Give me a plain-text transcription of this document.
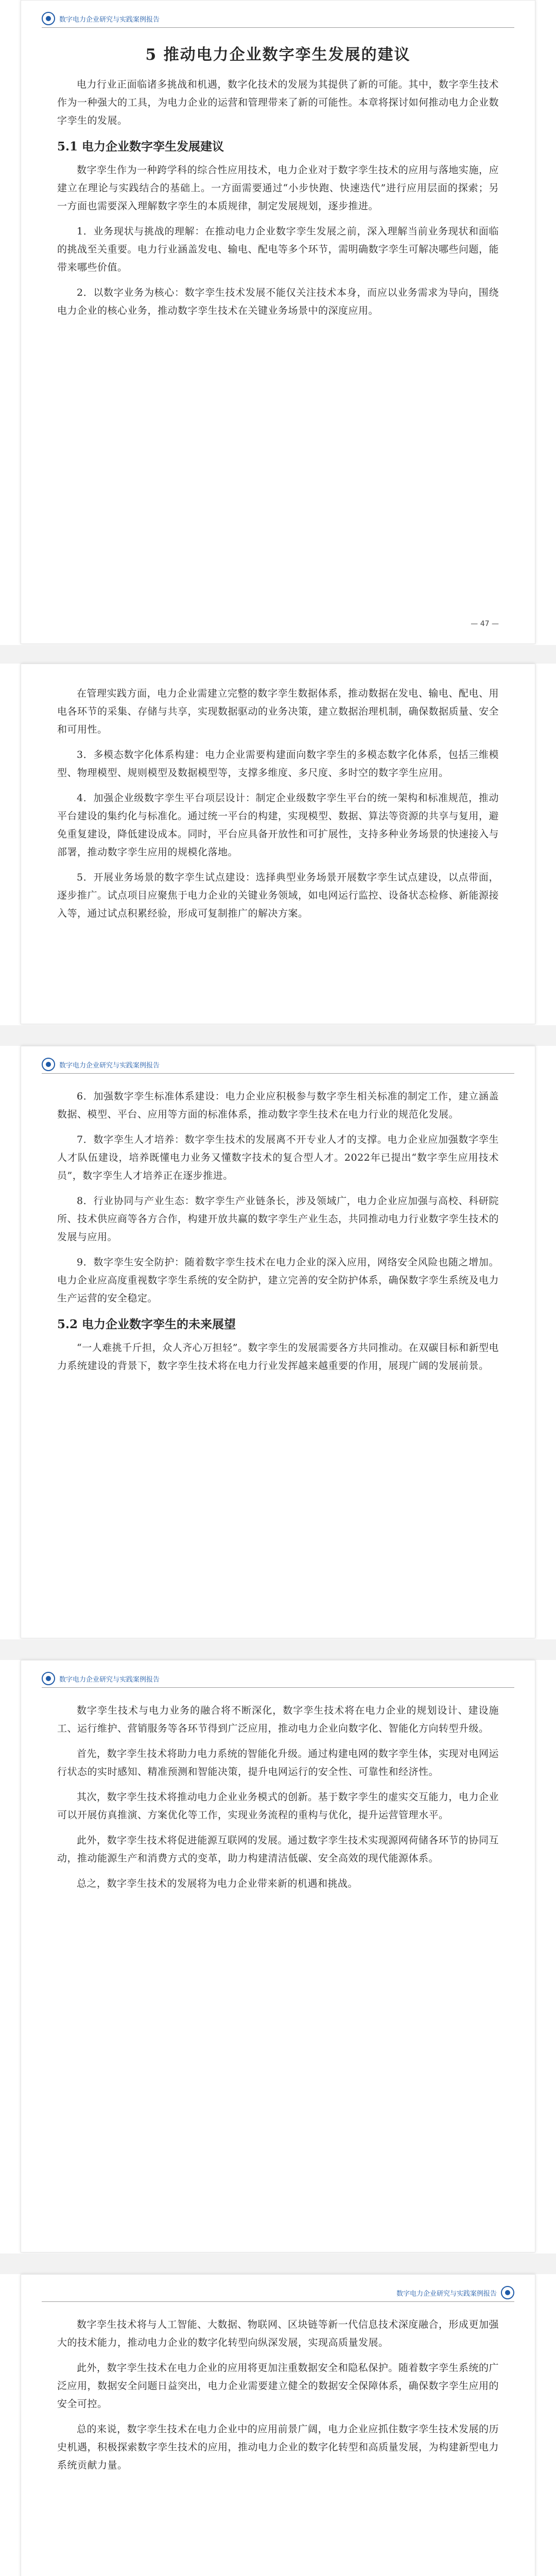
数字电力企业研究与实践案例报告
5 推动电力企业数字孪生发展的建议

电力行业正面临诸多挑战和机遇，数字化技术的发展为其提供了新的可能。其中，数字孪生技术作为一种强大的工具，为电力企业的运营和管理带来了新的可能性。本章将探讨如何推动电力企业数字孪生的发展。

5.1 电力企业数字孪生发展建议

数字孪生作为一种跨学科的综合性应用技术，电力企业对于数字孪生技术的应用与落地实施，应建立在理论与实践结合的基础上。一方面需要通过“小步快跑、快速迭代”进行应用层面的探索；另一方面也需要深入理解数字孪生的本质规律，制定发展规划，逐步推进。

1．业务现状与挑战的理解：在推动电力企业数字孪生发展之前，深入理解当前业务现状和面临的挑战至关重要。电力行业涵盖发电、输电、配电等多个环节，需明确数字孪生可解决哪些问题，能带来哪些价值。

2．以数字业务为核心：数字孪生技术发展不能仅关注技术本身，而应以业务需求为导向，围绕电力企业的核心业务，推动数字孪生技术在关键业务场景中的深度应用。

— 47 —

在管理实践方面，电力企业需建立完整的数字孪生数据体系，推动数据在发电、输电、配电、用电各环节的采集、存储与共享，实现数据驱动的业务决策，建立数据治理机制，确保数据质量、安全和可用性。

3．多模态数字化体系构建：电力企业需要构建面向数字孪生的多模态数字化体系，包括三维模型、物理模型、规则模型及数据模型等，支撑多维度、多尺度、多时空的数字孪生应用。

4．加强企业级数字孪生平台项层设计：制定企业级数字孪生平台的统一架构和标准规范，推动平台建设的集约化与标准化。通过统一平台的构建，实现模型、数据、算法等资源的共享与复用，避免重复建设，降低建设成本。同时，平台应具备开放性和可扩展性，支持多种业务场景的快速接入与部署，推动数字孪生应用的规模化落地。

5．开展业务场景的数字孪生试点建设：选择典型业务场景开展数字孪生试点建设，以点带面，逐步推广。试点项目应聚焦于电力企业的关键业务领域，如电网运行监控、设备状态检修、新能源接入等，通过试点积累经验，形成可复制推广的解决方案。

数字电力企业研究与实践案例报告

6．加强数字孪生标准体系建设：电力企业应积极参与数字孪生相关标准的制定工作，建立涵盖数据、模型、平台、应用等方面的标准体系，推动数字孪生技术在电力行业的规范化发展。

7．数字孪生人才培养：数字孪生技术的发展离不开专业人才的支撑。电力企业应加强数字孪生人才队伍建设，培养既懂电力业务又懂数字技术的复合型人才。2022年已提出“数字孪生应用技术员”，数字孪生人才培养正在逐步推进。

8．行业协同与产业生态：数字孪生产业链条长，涉及领域广，电力企业应加强与高校、科研院所、技术供应商等各方合作，构建开放共赢的数字孪生产业生态，共同推动电力行业数字孪生技术的发展与应用。

9．数字孪生安全防护：随着数字孪生技术在电力企业的深入应用，网络安全风险也随之增加。电力企业应高度重视数字孪生系统的安全防护，建立完善的安全防护体系，确保数字孪生系统及电力生产运营的安全稳定。

5.2 电力企业数字孪生的未来展望

“一人难挑千斤担，众人齐心万担轻”。数字孪生的发展需要各方共同推动。在双碳目标和新型电力系统建设的背景下，数字孪生技术将在电力行业发挥越来越重要的作用，展现广阔的发展前景。

数字电力企业研究与实践案例报告

数字孪生技术与电力业务的融合将不断深化，数字孪生技术将在电力企业的规划设计、建设施工、运行维护、营销服务等各环节得到广泛应用，推动电力企业向数字化、智能化方向转型升级。

首先，数字孪生技术将助力电力系统的智能化升级。通过构建电网的数字孪生体，实现对电网运行状态的实时感知、精准预测和智能决策，提升电网运行的安全性、可靠性和经济性。

其次，数字孪生技术将推动电力企业业务模式的创新。基于数字孪生的虚实交互能力，电力企业可以开展仿真推演、方案优化等工作，实现业务流程的重构与优化，提升运营管理水平。

此外，数字孪生技术将促进能源互联网的发展。通过数字孪生技术实现源网荷储各环节的协同互动，推动能源生产和消费方式的变革，助力构建清洁低碳、安全高效的现代能源体系。

总之，数字孪生技术的发展将为电力企业带来新的机遇和挑战。

数字电力企业研究与实践案例报告

数字孪生技术将与人工智能、大数据、物联网、区块链等新一代信息技术深度融合，形成更加强大的技术能力，推动电力企业的数字化转型向纵深发展，实现高质量发展。

此外，数字孪生技术在电力企业的应用将更加注重数据安全和隐私保护。随着数字孪生系统的广泛应用，数据安全问题日益突出，电力企业需要建立健全的数据安全保障体系，确保数字孪生应用的安全可控。

总的来说，数字孪生技术在电力企业中的应用前景广阔，电力企业应抓住数字孪生技术发展的历史机遇，积极探索数字孪生技术的应用，推动电力企业的数字化转型和高质量发展，为构建新型电力系统贡献力量。
